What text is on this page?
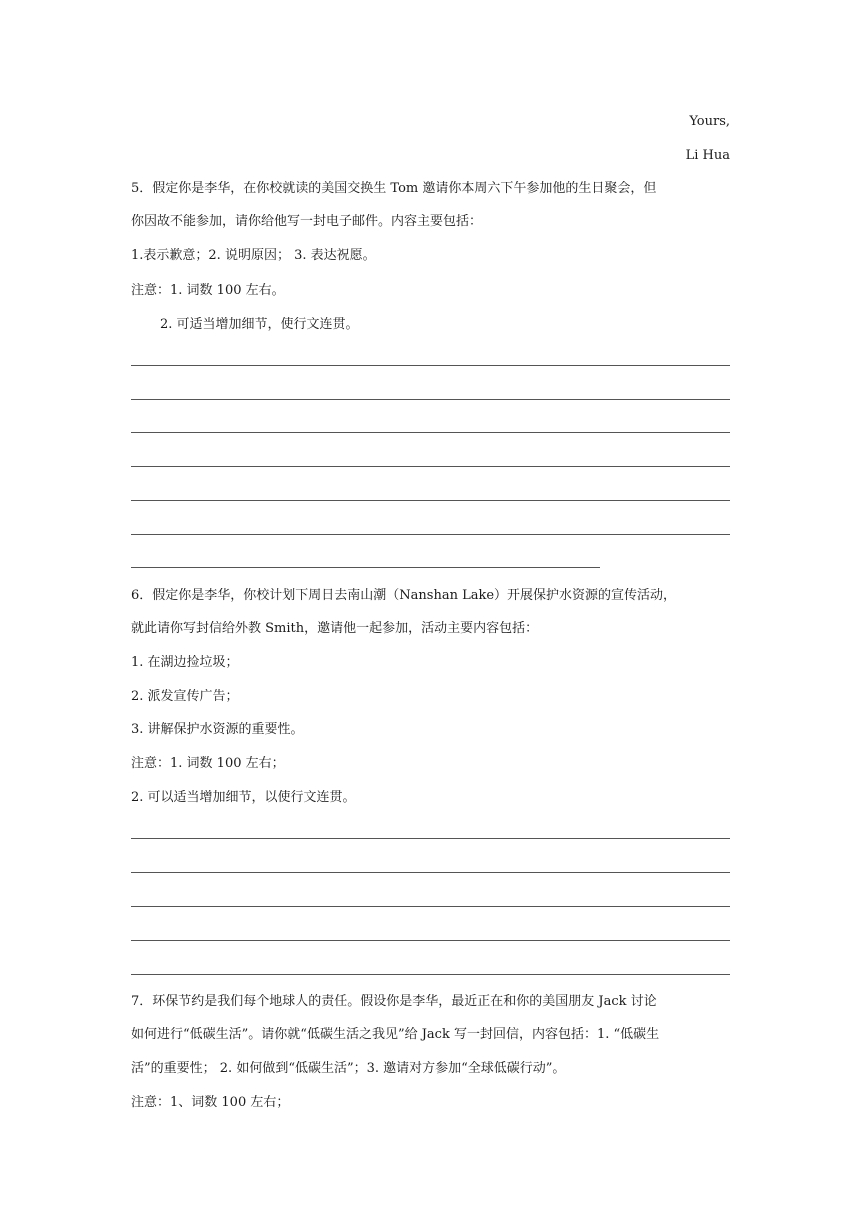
Yours,
Li Hua
5．假定你是李华，在你校就读的美国交换生 Tom 邀请你本周六下午参加他的生日聚会，但
你因故不能参加，请你给他写一封电子邮件。内容主要包括：
1.表示歉意；2. 说明原因； 3. 表达祝愿。
注意：1. 词数 100 左右。
2. 可适当增加细节，使行文连贯。
6．假定你是李华，你校计划下周日去南山潮（Nanshan Lake）开展保护水资源的宣传活动，
就此请你写封信给外教 Smith，邀请他一起参加，活动主要内容包括：
1. 在湖边捡垃圾；
2. 派发宣传广告；
3. 讲解保护水资源的重要性。
注意：1. 词数 100 左右；
2. 可以适当增加细节，以使行文连贯。
7．环保节约是我们每个地球人的责任。假设你是李华，最近正在和你的美国朋友 Jack 讨论
如何进行“低碳生活”。请你就“低碳生活之我见”给 Jack 写一封回信，内容包括：1. “低碳生
活”的重要性； 2. 如何做到“低碳生活”；3. 邀请对方参加“全球低碳行动”。
注意：1、词数 100 左右；
